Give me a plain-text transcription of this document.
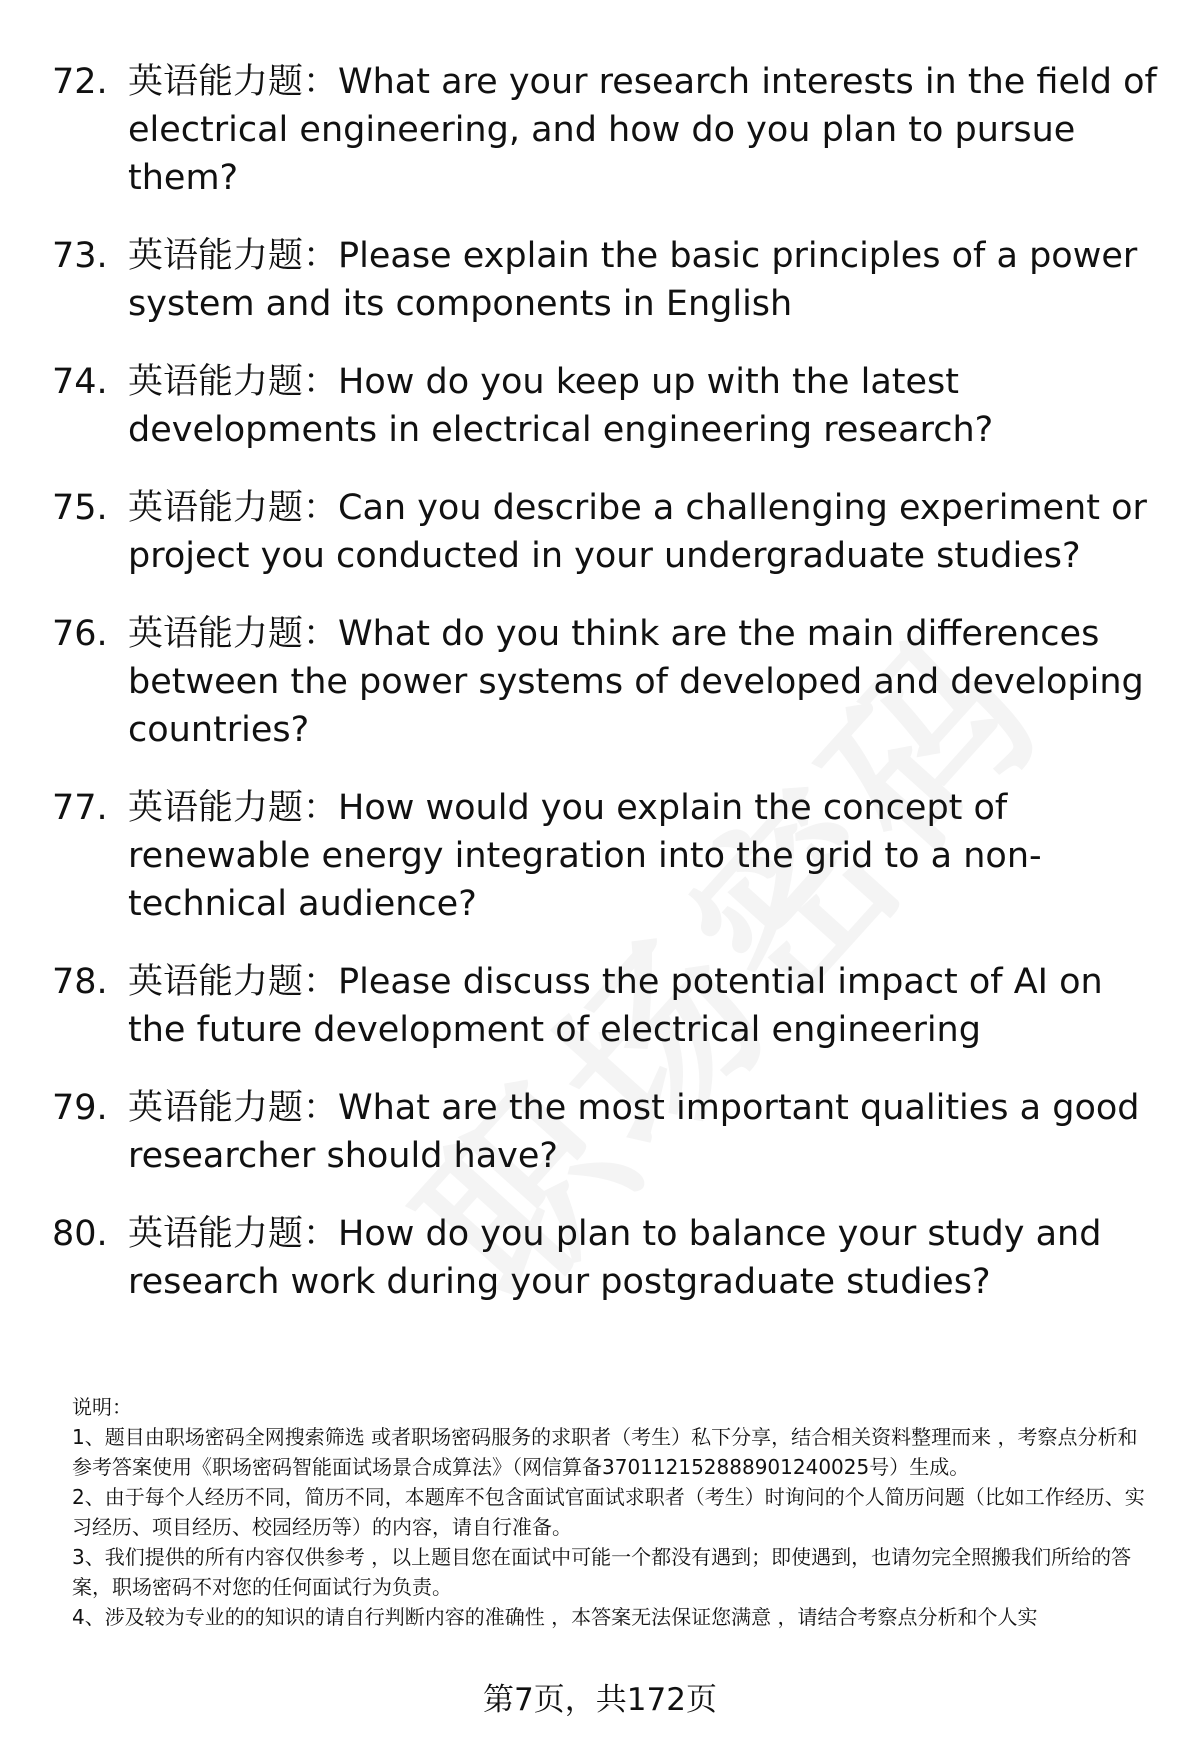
72. 英语能力题：What are your research interests in the field of electrical engineering, and how do you plan to pursue them?
73. 英语能力题：Please explain the basic principles of a power system and its components in English
74. 英语能力题：How do you keep up with the latest developments in electrical engineering research?
75. 英语能力题：Can you describe a challenging experiment or project you conducted in your undergraduate studies?
76. 英语能力题：What do you think are the main differences between the power systems of developed and developing countries?
77. 英语能力题：How would you explain the concept of renewable energy integration into the grid to a non-technical audience?
78. 英语能力题：Please discuss the potential impact of AI on the future development of electrical engineering
79. 英语能力题：What are the most important qualities a good researcher should have?
80. 英语能力题：How do you plan to balance your study and research work during your postgraduate studies?

说明：

1、题目由职场密码全网搜索筛选 或者职场密码服务的求职者（考生）私下分享，结合相关资料整理而来 ，考察点分析和参考答案使用《职场密码智能面试场景合成算法》（网信算备370112152888901240025号）生成。

2、由于每个人经历不同，简历不同，本题库不包含面试官面试求职者（考生）时询问的个人简历问题（比如工作经历、实习经历、项目经历、校园经历等）的内容，请自行准备。

3、我们提供的所有内容仅供参考 ，以上题目您在面试中可能一个都没有遇到；即使遇到，也请勿完全照搬我们所给的答案，职场密码不对您的任何面试行为负责。

4、涉及较为专业的的知识的请自行判断内容的准确性 ，本答案无法保证您满意 ，请结合考察点分析和个人实

第7页，共172页
